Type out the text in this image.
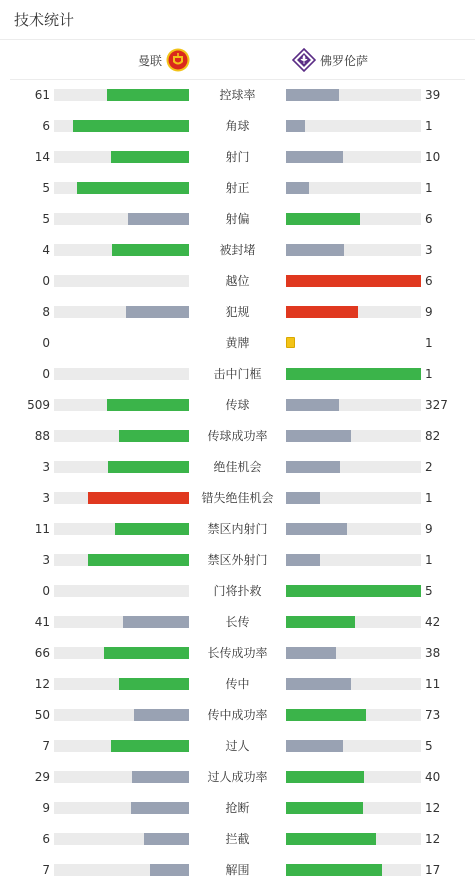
技术统计
曼联	佛罗伦萨
61	控球率	39
6	角球	1
14	射门	10
5	射正	1
5	射偏	6
4	被封堵	3
0	越位	6
8	犯规	9
0	黄牌	1
0	击中门框	1
509	传球	327
88	传球成功率	82
3	绝佳机会	2
3	错失绝佳机会	1
11	禁区内射门	9
3	禁区外射门	1
0	门将扑救	5
41	长传	42
66	长传成功率	38
12	传中	11
50	传中成功率	73
7	过人	5
29	过人成功率	40
9	抢断	12
6	拦截	12
7	解围	17
